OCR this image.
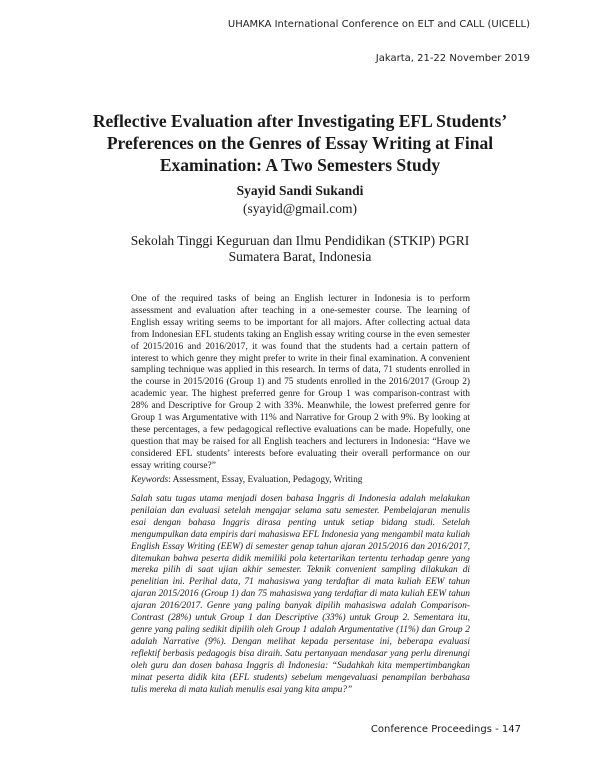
UHAMKA International Conference on ELT and CALL (UICELL)
Jakarta, 21-22 November 2019
Reflective Evaluation after Investigating EFL Students’
Preferences on the Genres of Essay Writing at Final
Examination: A Two Semesters Study
Syayid Sandi Sukandi
(syayid@gmail.com)
Sekolah Tinggi Keguruan dan Ilmu Pendidikan (STKIP) PGRI
Sumatera Barat, Indonesia
One of the required tasks of being an English lecturer in Indonesia is to perform assessment and evaluation after teaching in a one-semester course. The learning of English essay writing seems to be important for all majors. After collecting actual data from Indonesian EFL students taking an English essay writing course in the even semester of 2015/2016 and 2016/2017, it was found that the students had a certain pattern of interest to which genre they might prefer to write in their final examination. A convenient sampling technique was applied in this research. In terms of data, 71 students enrolled in the course in 2015/2016 (Group 1) and 75 students enrolled in the 2016/2017 (Group 2) academic year. The highest preferred genre for Group 1 was comparison-contrast with 28% and Descriptive for Group 2 with 33%. Meanwhile, the lowest preferred genre for Group 1 was Argumentative with 11% and Narrative for Group 2 with 9%. By looking at these percentages, a few pedagogical reflective evaluations can be made. Hopefully, one question that may be raised for all English teachers and lecturers in Indonesia: “Have we considered EFL students’ interests before evaluating their overall performance on our essay writing course?”
Keywords: Assessment, Essay, Evaluation, Pedagogy, Writing
Salah satu tugas utama menjadi dosen bahasa Inggris di Indonesia adalah melakukan penilaian dan evaluasi setelah mengajar selama satu semester. Pembelajaran menulis esai dengan bahasa Inggris dirasa penting untuk setiap bidang studi. Setelah mengumpulkan data empiris dari mahasiswa EFL Indonesia yang mengambil mata kuliah English Essay Writing (EEW) di semester genap tahun ajaran 2015/2016 dan 2016/2017, ditemukan bahwa peserta didik memiliki pola ketertarikan tertentu terhadap genre yang mereka pilih di saat ujian akhir semester. Teknik convenient sampling dilakukan di penelitian ini. Perihal data, 71 mahasiswa yang terdaftar di mata kuliah EEW tahun ajaran 2015/2016 (Group 1) dan 75 mahasiswa yang terdaftar di mata kuliah EEW tahun ajaran 2016/2017. Genre yang paling banyak dipilih mahasiswa adalah Comparison-Contrast (28%) untuk Group 1 dan Descriptive (33%) untuk Group 2. Sementara itu, genre yang paling sedikit dipilih oleh Group 1 adalah Argumentative (11%) dan Group 2 adalah Narrative (9%). Dengan melihat kepada persentase ini, beberapa evaluasi reflektif berbasis pedagogis bisa diraih. Satu pertanyaan mendasar yang perlu direnungi oleh guru dan dosen bahasa Inggris di Indonesia: “Sudahkah kita mempertimbangkan minat peserta didik kita (EFL students) sebelum mengevaluasi penampilan berbahasa tulis mereka di mata kuliah menulis esai yang kita ampu?”
Conference Proceedings - 147
